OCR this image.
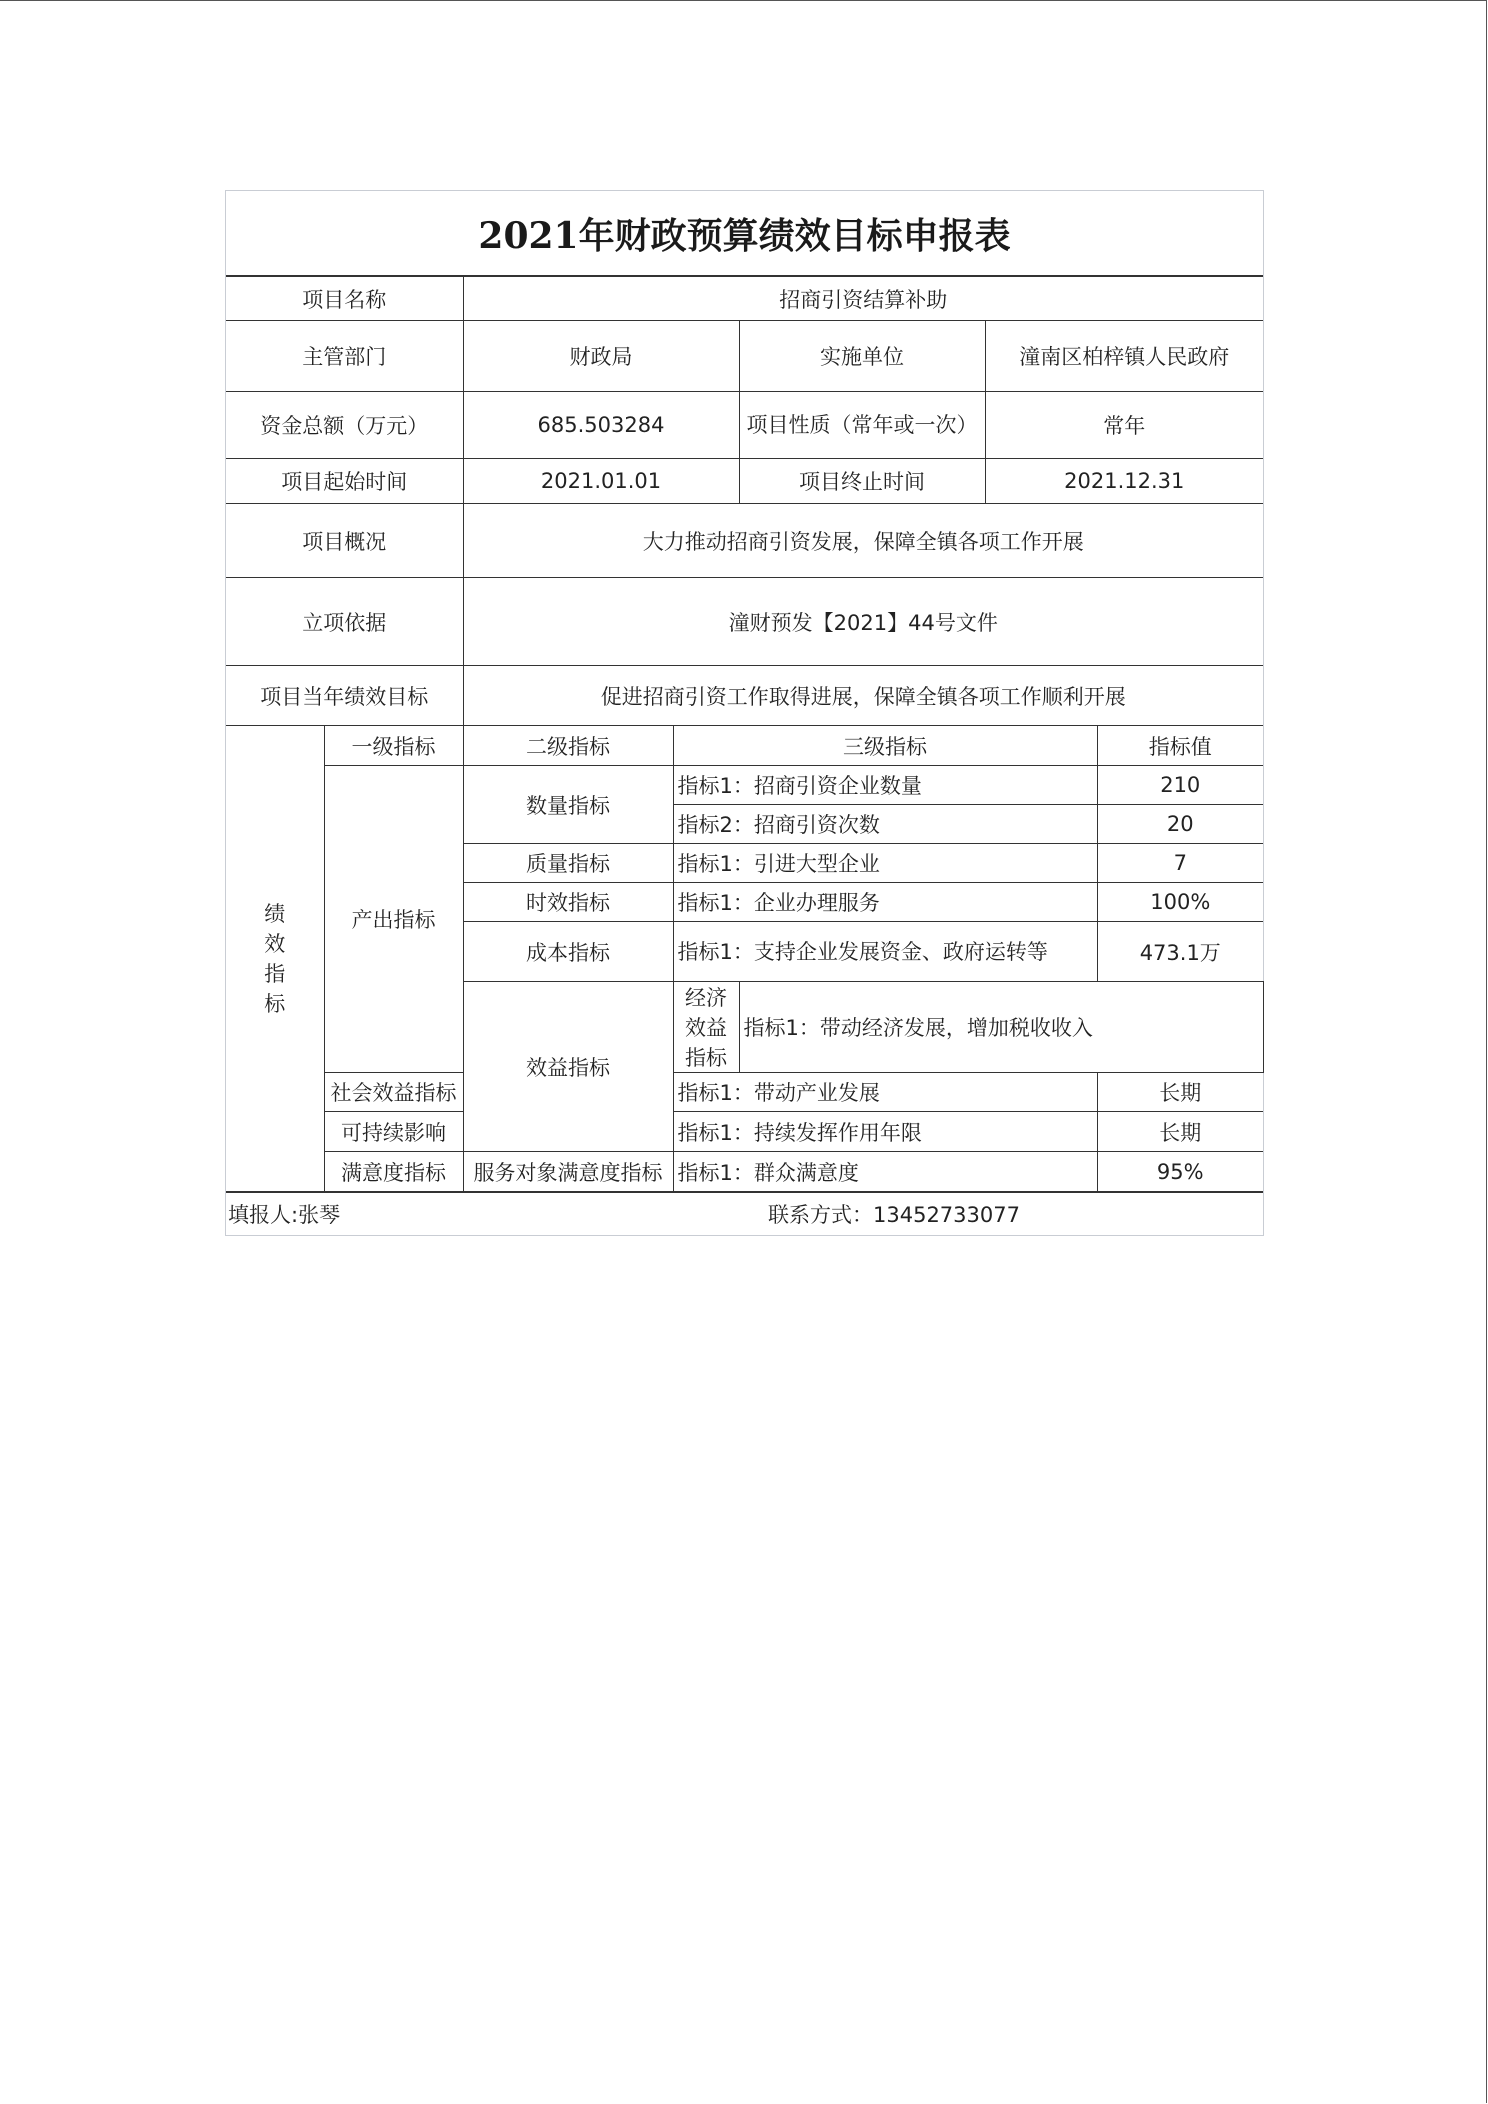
2021年财政预算绩效目标申报表
项目名称		招商引资结算补助					
主管部门		财政局		实施单位	潼南区柏梓镇人民政府		
资金总额（万元）		685.503284		项目性质（常年或一次）	常年		
项目起始时间		2021.01.01		项目终止时间	2021.12.31		
项目概况		大力推动招商引资发展，保障全镇各项工作开展					
立项依据		潼财预发【2021】44号文件					
项目当年绩效目标		促进招商引资工作取得进展，保障全镇各项工作顺利开展					
绩效指标	一级指标	二级指标	三级指标			指标值	
	产出指标	数量指标	指标1：招商引资企业数量			210	
			指标2：招商引资次数			20	
		质量指标	指标1：引进大型企业			7	
		时效指标	指标1：企业办理服务			100%	
		成本指标	指标1：支持企业发展资金、政府运转等			473.1万	
		效益指标	经济效益指标	指标1：带动经济发展，增加税收收入	
	社会效益指标		指标1：带动产业发展			长期	
	可持续影响		指标1：持续发挥作用年限			长期	
	满意度指标	服务对象满意度指标	指标1：群众满意度			95%	
填报人:张琴	联系方式：13452733077
